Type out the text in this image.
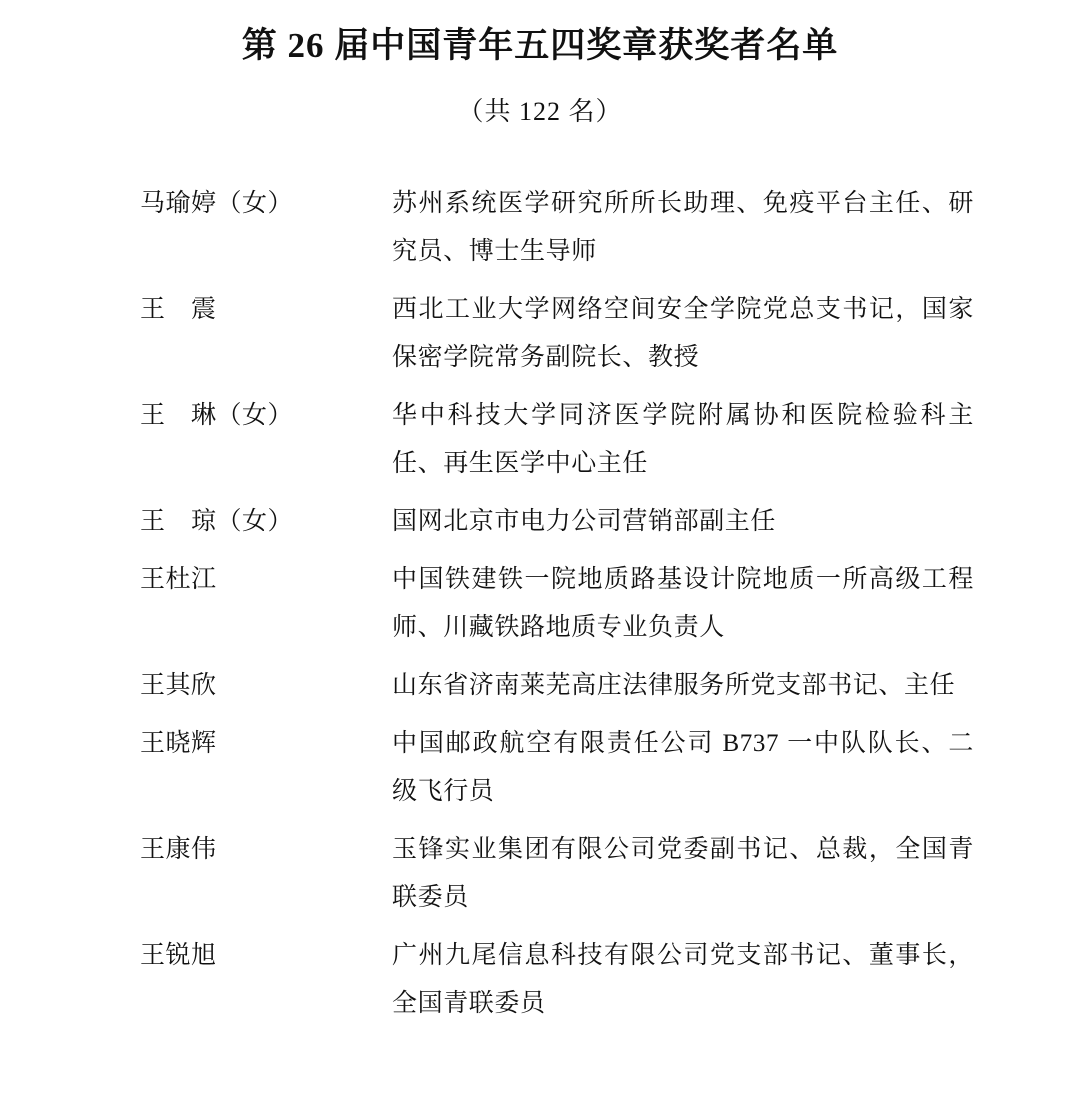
第 26 届中国青年五四奖章获奖者名单
（共 122 名）
马瑜婷（女）	苏州系统医学研究所所长助理、免疫平台主任、研究员、博士生导师
王　震	西北工业大学网络空间安全学院党总支书记，国家保密学院常务副院长、教授
王　琳（女）	华中科技大学同济医学院附属协和医院检验科主任、再生医学中心主任
王　琼（女）	国网北京市电力公司营销部副主任
王杜江	中国铁建铁一院地质路基设计院地质一所高级工程师、川藏铁路地质专业负责人
王其欣	山东省济南莱芜高庄法律服务所党支部书记、主任
王晓辉	中国邮政航空有限责任公司 B737 一中队队长、二级飞行员
王康伟	玉锋实业集团有限公司党委副书记、总裁，全国青联委员
王锐旭	广州九尾信息科技有限公司党支部书记、董事长，全国青联委员
